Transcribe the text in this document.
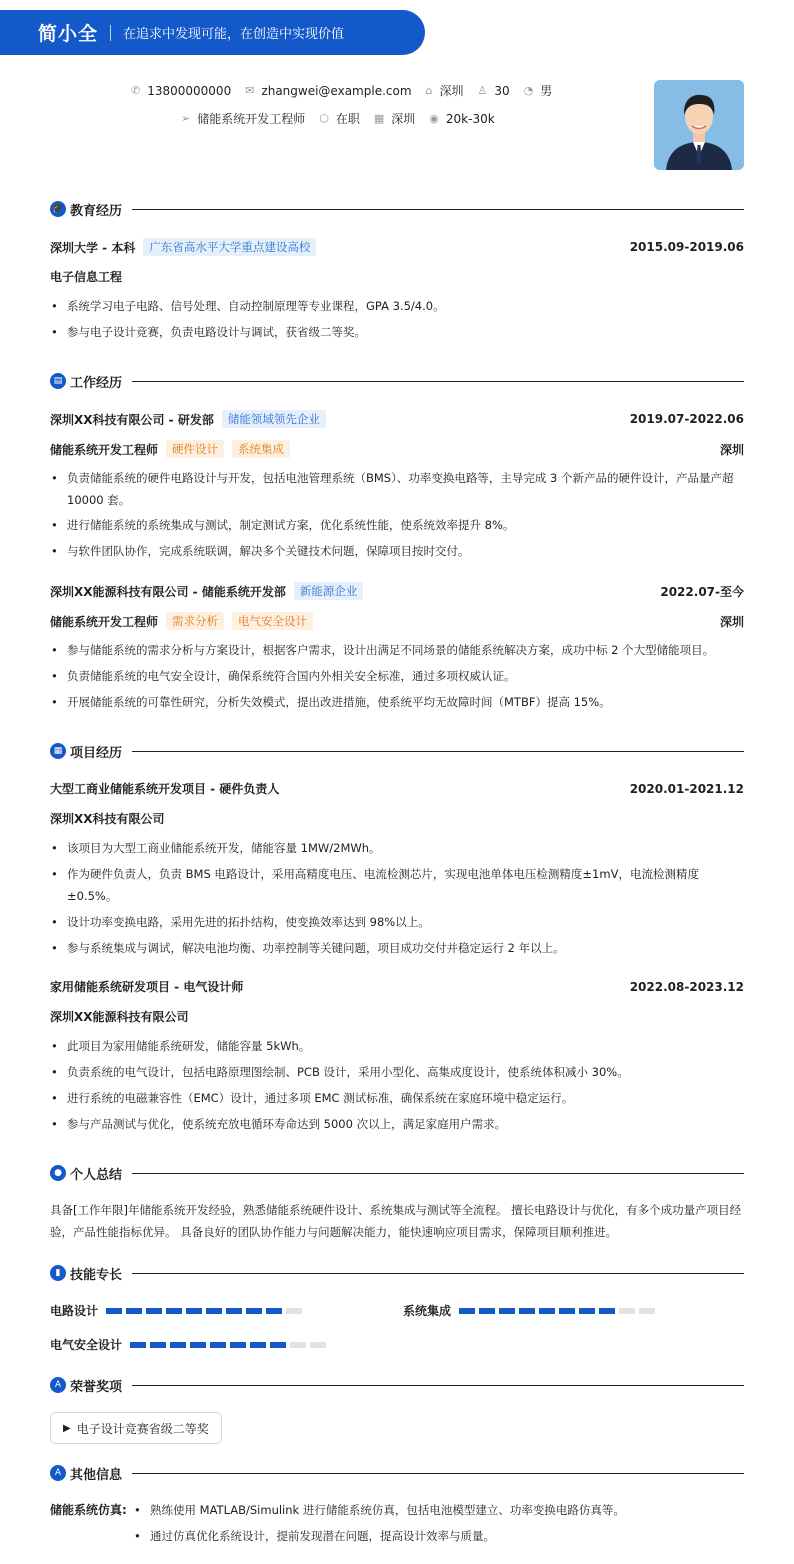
简小全 在追求中发现可能，在创造中实现价值
✆ 13800000000 ✉ zhangwei@example.com ⌂ 深圳 ♙ 30 ◔ 男
➢ 储能系统开发工程师 ⬡ 在职 ▦ 深圳 ◉ 20k-30k
🎓 教育经历
深圳大学 - 本科	广东省高水平大学重点建设高校	2015.09-2019.06
电子信息工程
• 系统学习电子电路、信号处理、自动控制原理等专业课程，GPA 3.5/4.0。
• 参与电子设计竞赛，负责电路设计与调试，获省级二等奖。
▤ 工作经历
深圳XX科技有限公司 - 研发部	储能领域领先企业	2019.07-2022.06
储能系统开发工程师	硬件设计	系统集成	深圳
• 负责储能系统的硬件电路设计与开发，包括电池管理系统（BMS）、功率变换电路等，主导完成 3 个新产品的硬件设计，产品量产超 10000 套。
• 进行储能系统的系统集成与测试，制定测试方案，优化系统性能，使系统效率提升 8%。
• 与软件团队协作，完成系统联调，解决多个关键技术问题，保障项目按时交付。
深圳XX能源科技有限公司 - 储能系统开发部	新能源企业	2022.07-至今
储能系统开发工程师	需求分析	电气安全设计	深圳
• 参与储能系统的需求分析与方案设计，根据客户需求，设计出满足不同场景的储能系统解决方案，成功中标 2 个大型储能项目。
• 负责储能系统的电气安全设计，确保系统符合国内外相关安全标准，通过多项权威认证。
• 开展储能系统的可靠性研究，分析失效模式，提出改进措施，使系统平均无故障时间（MTBF）提高 15%。
▦ 项目经历
大型工商业储能系统开发项目 - 硬件负责人	2020.01-2021.12
深圳XX科技有限公司
• 该项目为大型工商业储能系统开发，储能容量 1MW/2MWh。
• 作为硬件负责人，负责 BMS 电路设计，采用高精度电压、电流检测芯片，实现电池单体电压检测精度±1mV，电流检测精度±0.5%。
• 设计功率变换电路，采用先进的拓扑结构，使变换效率达到 98%以上。
• 参与系统集成与调试，解决电池均衡、功率控制等关键问题，项目成功交付并稳定运行 2 年以上。
家用储能系统研发项目 - 电气设计师	2022.08-2023.12
深圳XX能源科技有限公司
• 此项目为家用储能系统研发，储能容量 5kWh。
• 负责系统的电气设计，包括电路原理图绘制、PCB 设计，采用小型化、高集成度设计，使系统体积减小 30%。
• 进行系统的电磁兼容性（EMC）设计，通过多项 EMC 测试标准，确保系统在家庭环境中稳定运行。
• 参与产品测试与优化，使系统充放电循环寿命达到 5000 次以上，满足家庭用户需求。
● 个人总结
具备[工作年限]年储能系统开发经验，熟悉储能系统硬件设计、系统集成与测试等全流程。 擅长电路设计与优化，有多个成功量产项目经验，产品性能指标优异。 具备良好的团队协作能力与问题解决能力，能快速响应项目需求，保障项目顺利推进。
▮ 技能专长
电路设计	系统集成
电气安全设计
A 荣誉奖项
▶ 电子设计竞赛省级二等奖
A 其他信息
储能系统仿真:
•	熟练使用 MATLAB/Simulink 进行储能系统仿真，包括电池模型建立、功率变换电路仿真等。
• 通过仿真优化系统设计，提前发现潜在问题，提高设计效率与质量。
